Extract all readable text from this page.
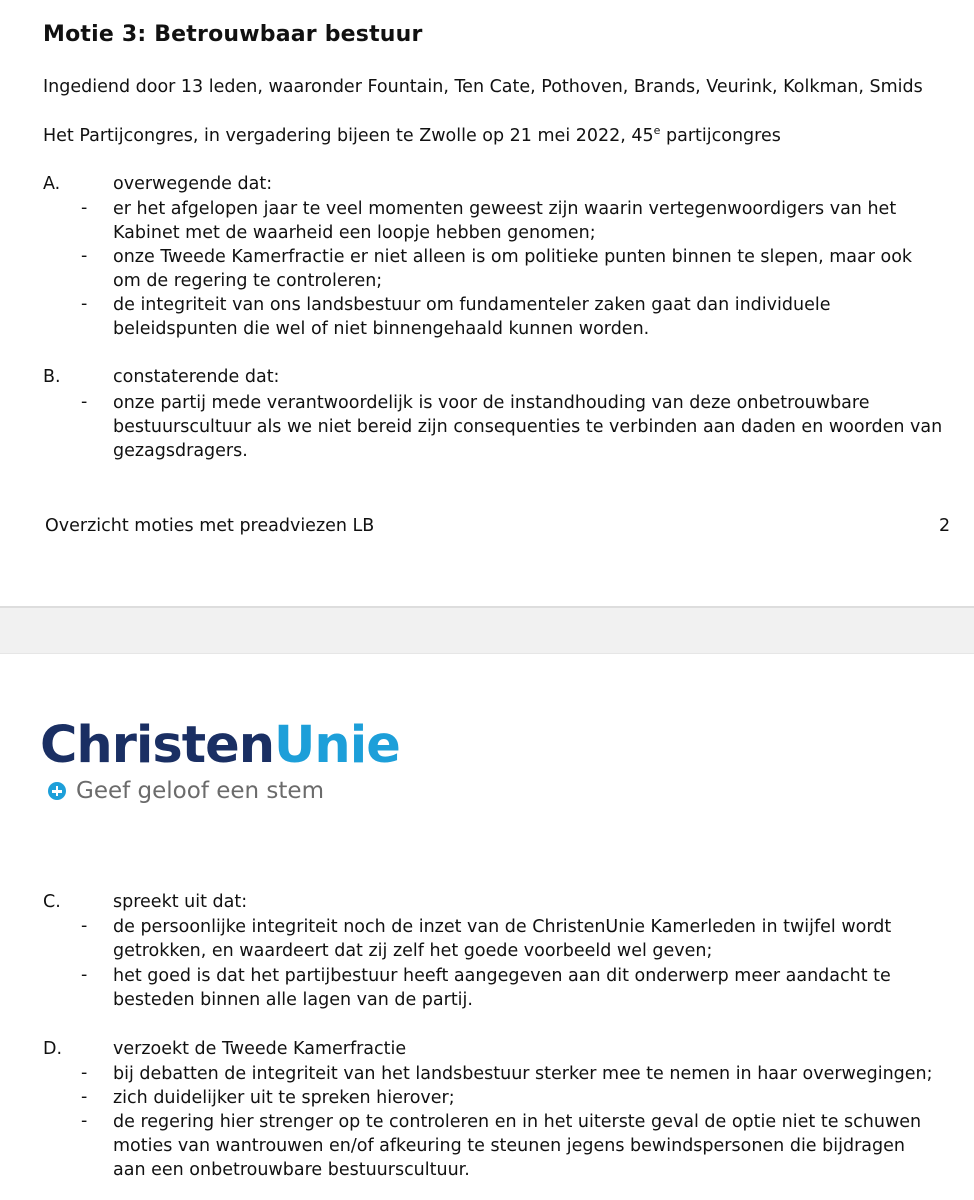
Motie 3: Betrouwbaar bestuur
Ingediend door 13 leden, waaronder Fountain, Ten Cate, Pothoven, Brands, Veurink, Kolkman, Smids
Het Partijcongres, in vergadering bijeen te Zwolle op 21 mei 2022, 45e partijcongres
A.	overwegende dat:
- er het afgelopen jaar te veel momenten geweest zijn waarin vertegenwoordigers van het Kabinet met de waarheid een loopje hebben genomen;
- onze Tweede Kamerfractie er niet alleen is om politieke punten binnen te slepen, maar ook om de regering te controleren;
- de integriteit van ons landsbestuur om fundamenteler zaken gaat dan individuele beleidspunten die wel of niet binnengehaald kunnen worden.
B.	constaterende dat:
- onze partij mede verantwoordelijk is voor de instandhouding van deze onbetrouwbare bestuurscultuur als we niet bereid zijn consequenties te verbinden aan daden en woorden van gezagsdragers.
Overzicht moties met preadviezen LB	2
ChristenUnie
Geef geloof een stem
C.	spreekt uit dat:
- de persoonlijke integriteit noch de inzet van de ChristenUnie Kamerleden in twijfel wordt getrokken, en waardeert dat zij zelf het goede voorbeeld wel geven;
- het goed is dat het partijbestuur heeft aangegeven aan dit onderwerp meer aandacht te besteden binnen alle lagen van de partij.
D.	verzoekt de Tweede Kamerfractie
- bij debatten de integriteit van het landsbestuur sterker mee te nemen in haar overwegingen;
- zich duidelijker uit te spreken hierover;
- de regering hier strenger op te controleren en in het uiterste geval de optie niet te schuwen moties van wantrouwen en/of afkeuring te steunen jegens bewindspersonen die bijdragen aan een onbetrouwbare bestuurscultuur.
